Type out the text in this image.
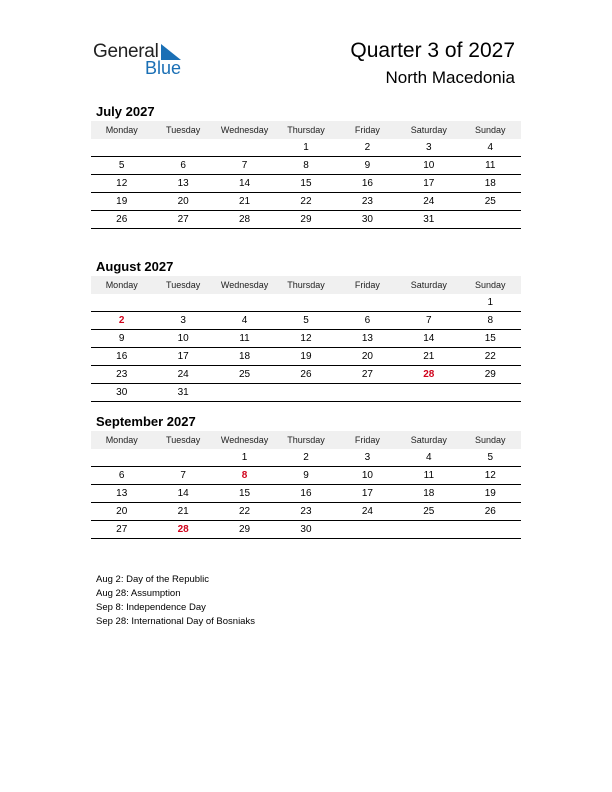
General
Blue
Quarter 3 of 2027
North Macedonia
July 2027
Monday	Tuesday	Wednesday	Thursday	Friday	Saturday	Sunday
			1	2	3	4
5	6	7	8	9	10	11
12	13	14	15	16	17	18
19	20	21	22	23	24	25
26	27	28	29	30	31	
August 2027
Monday	Tuesday	Wednesday	Thursday	Friday	Saturday	Sunday
						1
2	3	4	5	6	7	8
9	10	11	12	13	14	15
16	17	18	19	20	21	22
23	24	25	26	27	28	29
30	31					
September 2027
Monday	Tuesday	Wednesday	Thursday	Friday	Saturday	Sunday
		1	2	3	4	5
6	7	8	9	10	11	12
13	14	15	16	17	18	19
20	21	22	23	24	25	26
27	28	29	30			
Aug 2: Day of the Republic
Aug 28: Assumption
Sep 8: Independence Day
Sep 28: International Day of Bosniaks
